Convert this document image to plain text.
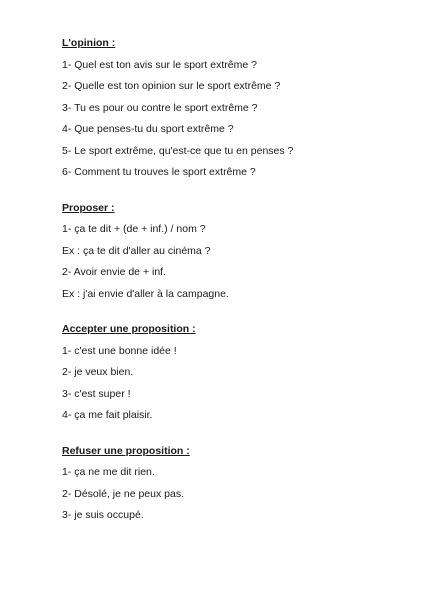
L'opinion :
1- Quel est ton avis sur le sport extrême ?
2- Quelle est ton opinion sur le sport extrême ?
3- Tu es pour ou contre le sport extrême ?
4- Que penses-tu du sport extrême ?
5- Le sport extrême, qu'est-ce que tu en penses ?
6- Comment tu trouves le sport extrême ?
Proposer :
1- ça te dit + (de + inf.) / nom ?
Ex : ça te dit d'aller au cinéma ?
2- Avoir envie de + inf.
Ex : j'ai envie d'aller à la campagne.
Accepter une proposition :
1- c'est une bonne idée !
2- je veux bien.
3- c'est super !
4- ça me fait plaisir.
Refuser une proposition :
1- ça ne me dit rien.
2- Désolé, je ne peux pas.
3- je suis occupé.
